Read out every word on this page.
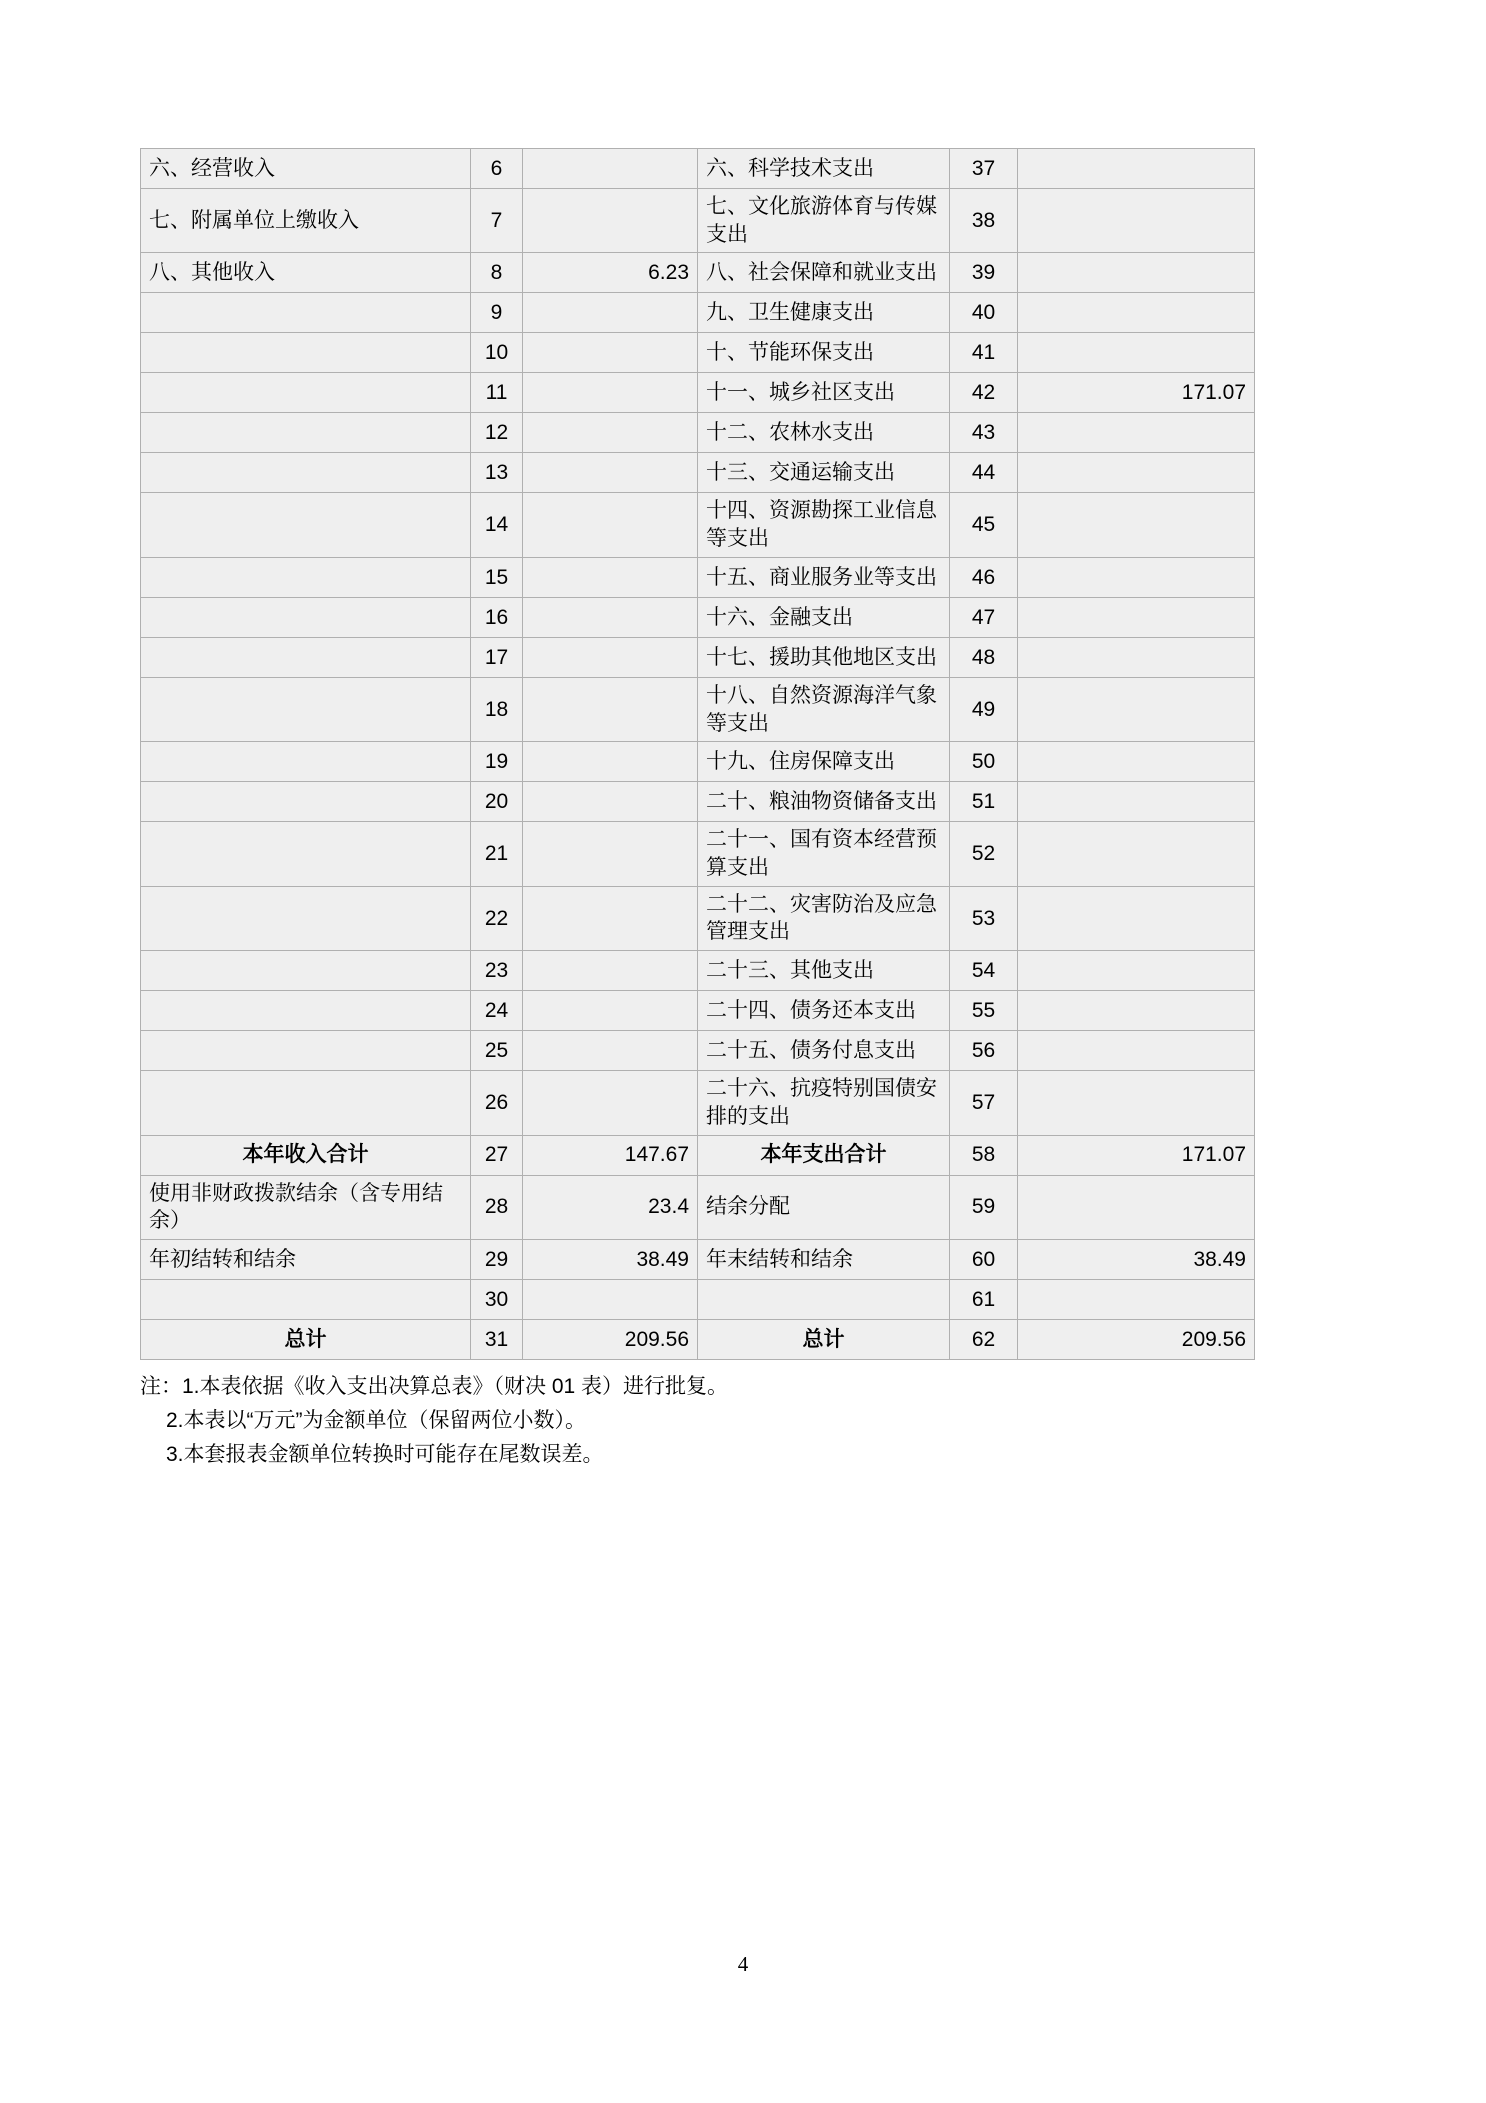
六、经营收入	6		六、科学技术支出	37	
七、附属单位上缴收入	7		七、文化旅游体育与传媒支出	38	
八、其他收入	8	6.23	八、社会保障和就业支出	39	
	9		九、卫生健康支出	40	
	10		十、节能环保支出	41	
	11		十一、城乡社区支出	42	171.07
	12		十二、农林水支出	43	
	13		十三、交通运输支出	44	
	14		十四、资源勘探工业信息等支出	45	
	15		十五、商业服务业等支出	46	
	16		十六、金融支出	47	
	17		十七、援助其他地区支出	48	
	18		十八、自然资源海洋气象等支出	49	
	19		十九、住房保障支出	50	
	20		二十、粮油物资储备支出	51	
	21		二十一、国有资本经营预算支出	52	
	22		二十二、灾害防治及应急管理支出	53	
	23		二十三、其他支出	54	
	24		二十四、债务还本支出	55	
	25		二十五、债务付息支出	56	
	26		二十六、抗疫特别国债安排的支出	57	
本年收入合计	27	147.67	本年支出合计	58	171.07
使用非财政拨款结余（含专用结余）	28	23.4	结余分配	59	
年初结转和结余	29	38.49	年末结转和结余	60	38.49
	30			61	
总计	31	209.56	总计	62	209.56
注：1.本表依据《收入支出决算总表》（财决 01 表）进行批复。
2.本表以“万元”为金额单位（保留两位小数）。
3.本套报表金额单位转换时可能存在尾数误差。
4
